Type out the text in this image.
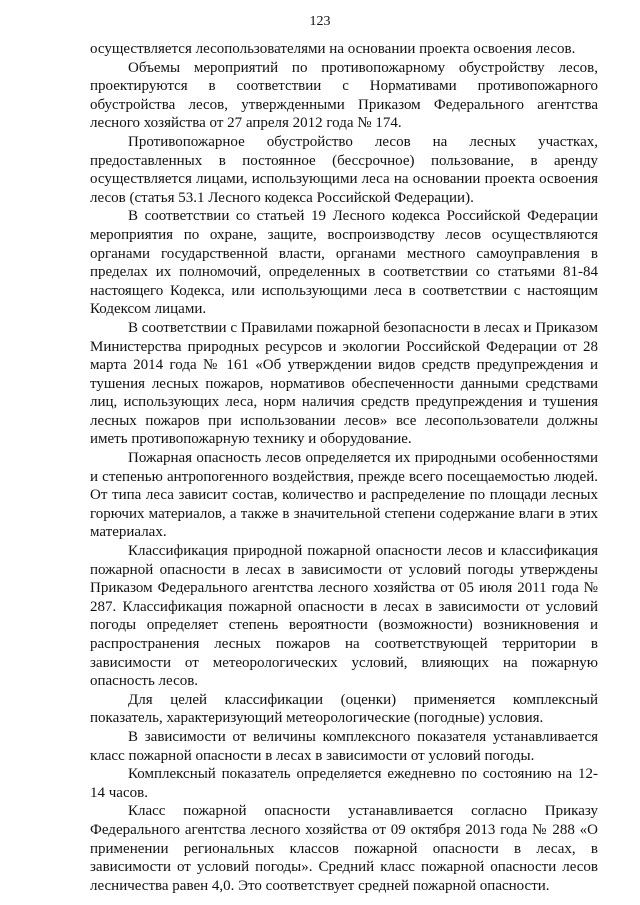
123

осуществляется лесопользователями на основании проекта освоения лесов.

Объемы мероприятий по противопожарному обустройству лесов, проектируются в соответствии с Нормативами противопожарного обустройства лесов, утвержденными Приказом Федерального агентства лесного хозяйства от 27 апреля 2012 года № 174.

Противопожарное обустройство лесов на лесных участках, предоставленных в постоянное (бессрочное) пользование, в аренду осуществляется лицами, использующими леса на основании проекта освоения лесов (статья 53.1 Лесного кодекса Российской Федерации).

В соответствии со статьей 19 Лесного кодекса Российской Федерации мероприятия по охране, защите, воспроизводству лесов осуществляются органами государственной власти, органами местного самоуправления в пределах их полномочий, определенных в соответствии со статьями 81-84 настоящего Кодекса, или использующими леса в соответствии с настоящим Кодексом лицами.

В соответствии с Правилами пожарной безопасности в лесах и Приказом Министерства природных ресурсов и экологии Российской Федерации от 28 марта 2014 года № 161 «Об утверждении видов средств предупреждения и тушения лесных пожаров, нормативов обеспеченности данными средствами лиц, использующих леса, норм наличия средств предупреждения и тушения лесных пожаров при использовании лесов» все лесопользователи должны иметь противопожарную технику и оборудование.

Пожарная опасность лесов определяется их природными особенностями и степенью антропогенного воздействия, прежде всего посещаемостью людей. От типа леса зависит состав, количество и распределение по площади лесных горючих материалов, а также в значительной степени содержание влаги в этих материалах.

Классификация природной пожарной опасности лесов и классификация пожарной опасности в лесах в зависимости от условий погоды утверждены Приказом Федерального агентства лесного хозяйства от 05 июля 2011 года № 287. Классификация пожарной опасности в лесах в зависимости от условий погоды определяет степень вероятности (возможности) возникновения и распространения лесных пожаров на соответствующей территории в зависимости от метеорологических условий, влияющих на пожарную опасность лесов.

Для целей классификации (оценки) применяется комплексный показатель, характеризующий метеорологические (погодные) условия.

В зависимости от величины комплексного показателя устанавливается класс пожарной опасности в лесах в зависимости от условий погоды.

Комплексный показатель определяется ежедневно по состоянию на 12-14 часов.

Класс пожарной опасности устанавливается согласно Приказу Федерального агентства лесного хозяйства от 09 октября 2013 года № 288 «О применении региональных классов пожарной опасности в лесах, в зависимости от условий погоды». Средний класс пожарной опасности лесов лесничества равен 4,0. Это соответствует средней пожарной опасности.
